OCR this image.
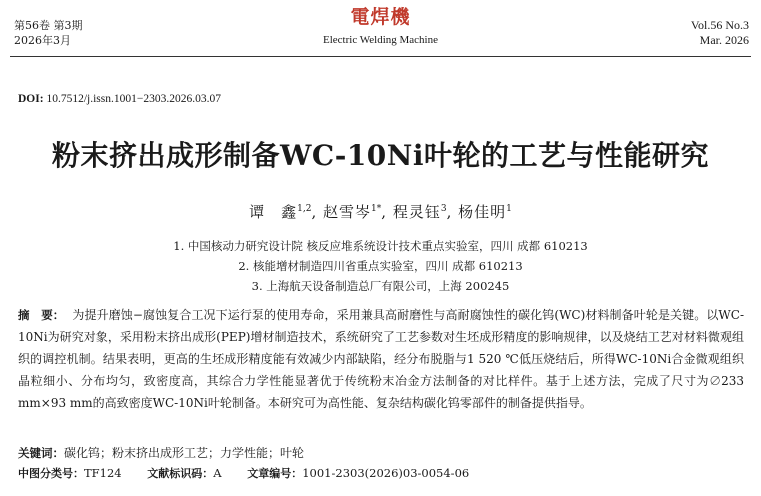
第56卷 第3期
2026年3月
電焊機
Electric Welding Machine
Vol.56 No.3
Mar. 2026
DOI: 10.7512/j.issn.1001−2303.2026.03.07
粉末挤出成形制备WC-10Ni叶轮的工艺与性能研究
谭　鑫$^{1,2}$, 赵雪岑$^{1*}$, 程灵钰$^3$, 杨佳明$^1$
1. 中国核动力研究设计院 核反应堆系统设计技术重点实验室，四川 成都 610213
2. 核能增材制造四川省重点实验室，四川 成都 610213
3. 上海航天设备制造总厂有限公司，上海 200245
摘　要： 为提升磨蚀−腐蚀复合工况下运行泵的使用寿命，采用兼具高耐磨性与高耐腐蚀性的碳化钨(WC)材料制备叶轮是关键。以WC-10Ni为研究对象，采用粉末挤出成形(PEP)增材制造技术，系统研究了工艺参数对生坯成形精度的影响规律，以及烧结工艺对材料微观组织的调控机制。结果表明，更高的生坯成形精度能有效减少内部缺陷，经分布脱脂与1 520 ℃低压烧结后，所得WC-10Ni合金微观组织晶粒细小、分布均匀，致密度高，其综合力学性能显著优于传统粉末冶金方法制备的对比样件。基于上述方法，完成了尺寸为∅233 mm×93 mm的高致密度WC-10Ni叶轮制备。本研究可为高性能、复杂结构碳化钨零部件的制备提供指导。
关键词：碳化钨；粉末挤出成形工艺；力学性能；叶轮
中图分类号：TF124 文献标识码：A 文章编号：1001-2303(2026)03-0054-06
